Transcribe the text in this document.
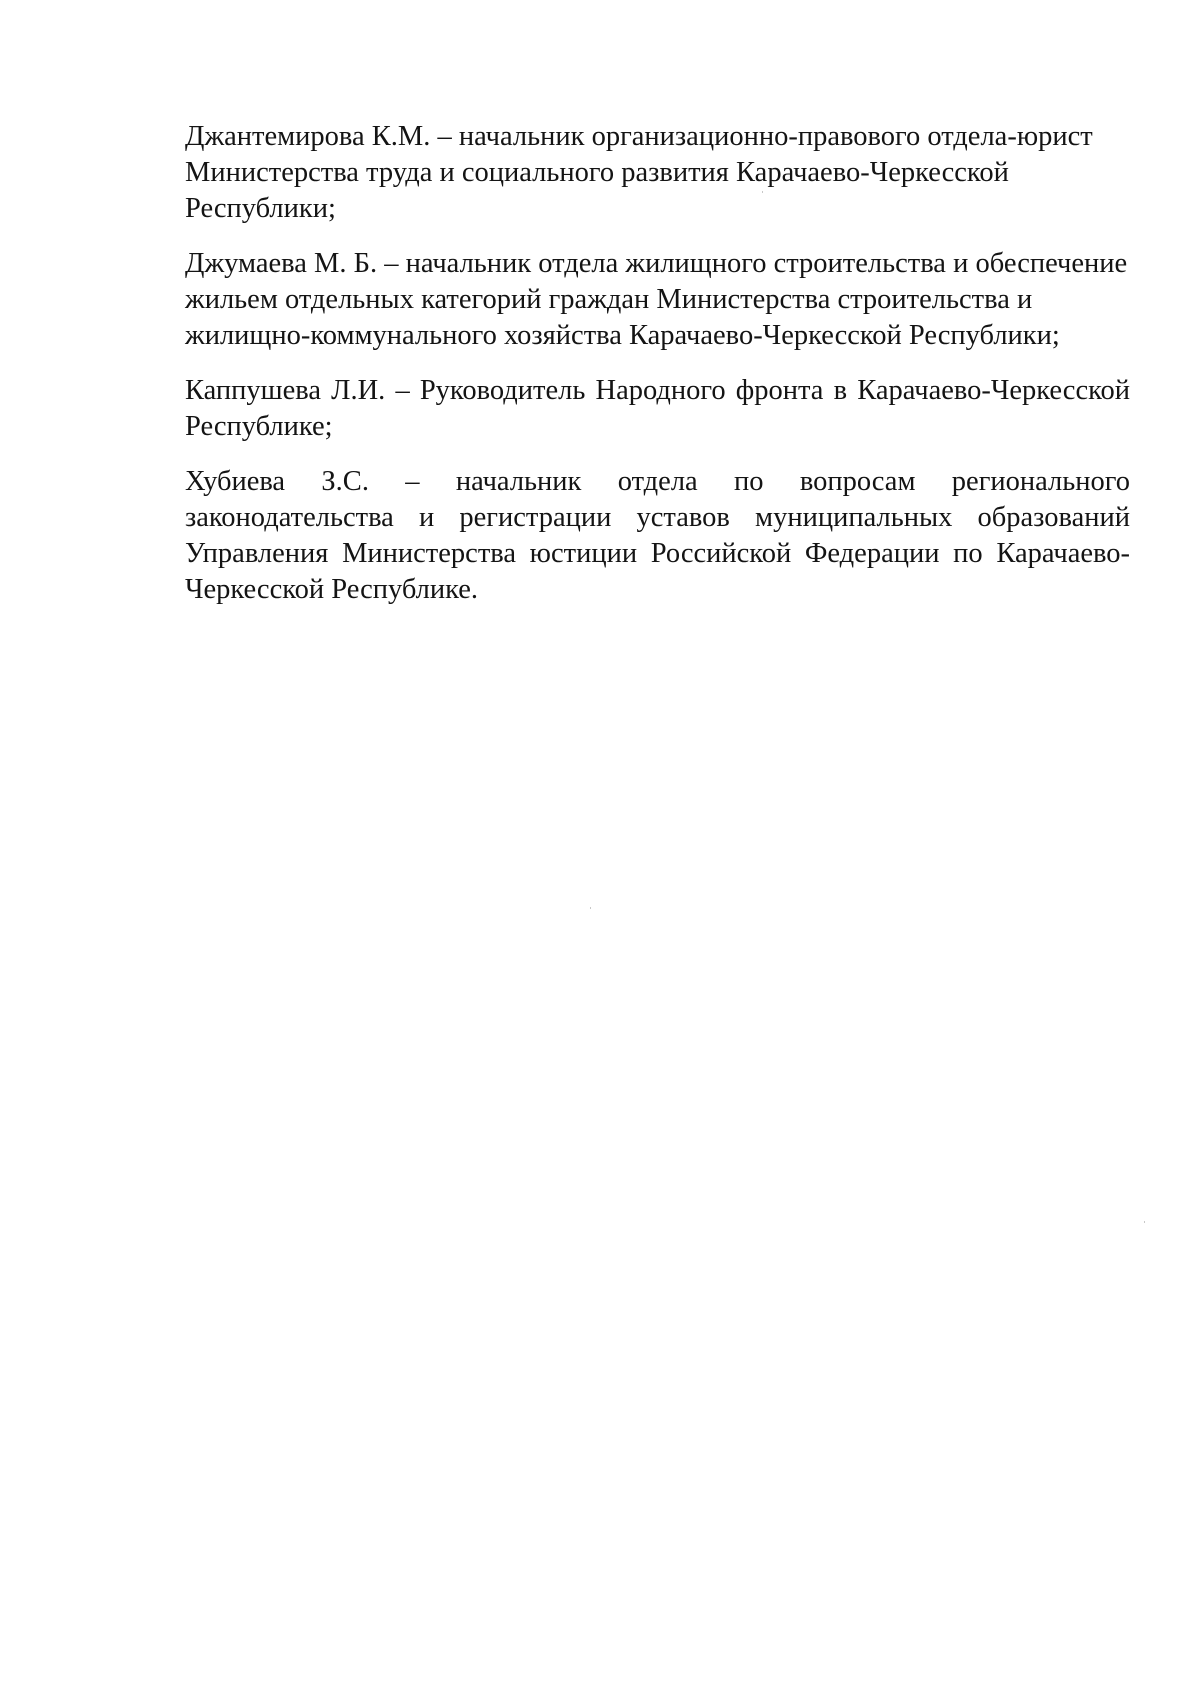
Джантемирова К.М. – начальник организационно-правового отдела-юрист
Министерства труда и социального развития Карачаево-Черкесской
Республики;
Джумаева М. Б. – начальник отдела жилищного строительства и обеспечение
жильем отдельных категорий граждан Министерства строительства и
жилищно-коммунального хозяйства Карачаево-Черкесской Республики;
Каппушева Л.И. – Руководитель Народного фронта в Карачаево-Черкесской
Республике;
Хубиева З.С. – начальник отдела по вопросам регионального
законодательства и регистрации уставов муниципальных образований
Управления Министерства юстиции Российской Федерации по Карачаево-
Черкесской Республике.
